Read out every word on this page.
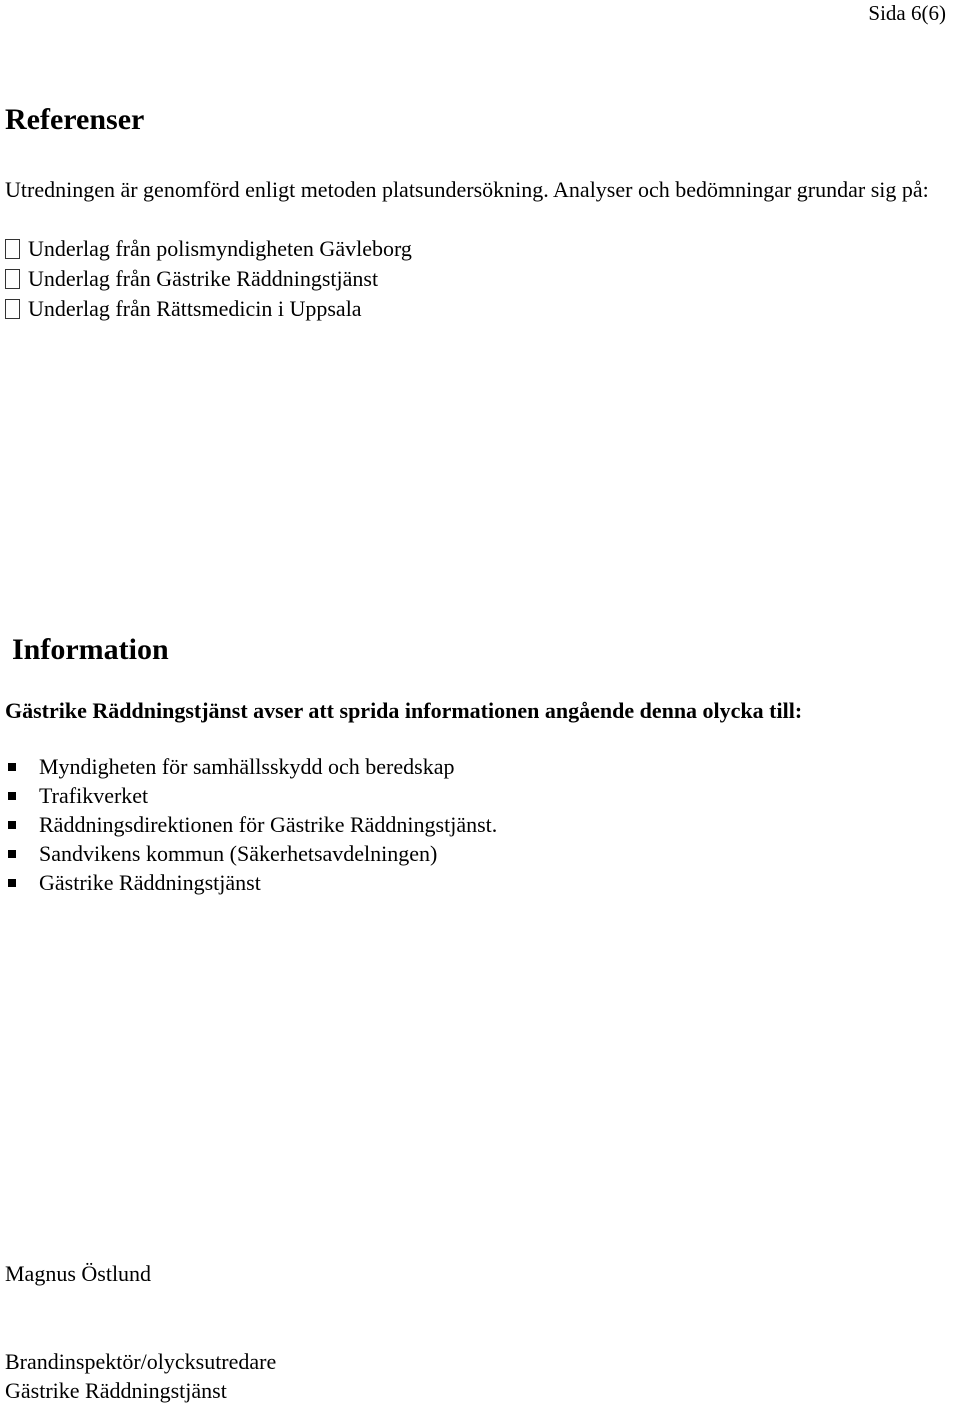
Sida 6(6)
Referenser
Utredningen är genomförd enligt metoden platsundersökning. Analyser och bedömningar grundar sig på:
Underlag från polismyndigheten Gävleborg
Underlag från Gästrike Räddningstjänst
Underlag från Rättsmedicin i Uppsala
Information
Gästrike Räddningstjänst avser att sprida informationen angående denna olycka till:
Myndigheten för samhällsskydd och beredskap
Trafikverket
Räddningsdirektionen för Gästrike Räddningstjänst.
Sandvikens kommun (Säkerhetsavdelningen)
Gästrike Räddningstjänst
Magnus Östlund
Brandinspektör/olycksutredare
Gästrike Räddningstjänst
